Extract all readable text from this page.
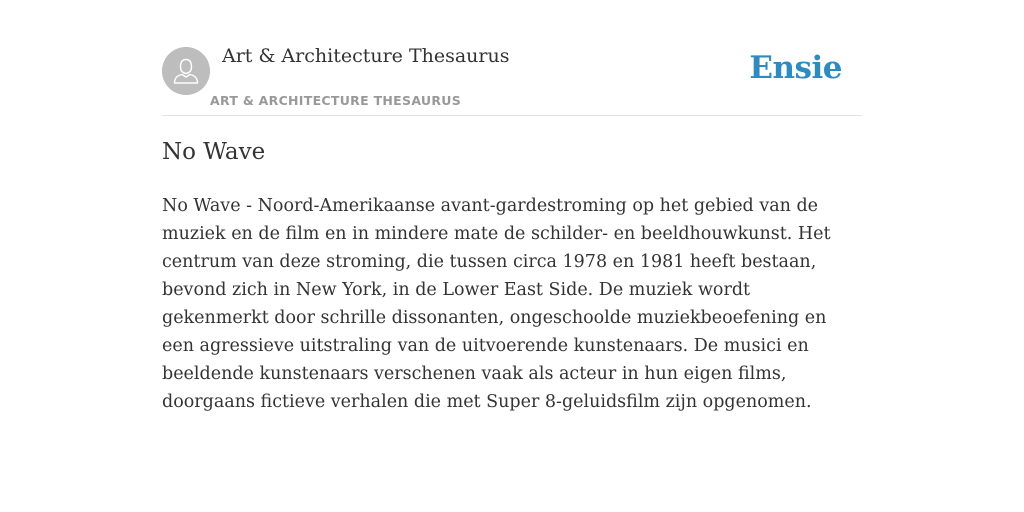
Art & Architecture Thesaurus
ART & ARCHITECTURE THESAURUS
Ensie
No Wave

No Wave - Noord-Amerikaanse avant-gardestroming op het gebied van de muziek en de film en in mindere mate de schilder- en beeldhouwkunst. Het centrum van deze stroming, die tussen circa 1978 en 1981 heeft bestaan, bevond zich in New York, in de Lower East Side. De muziek wordt gekenmerkt door schrille dissonanten, ongeschoolde muziekbeoefening en een agressieve uitstraling van de uitvoerende kunstenaars. De musici en beeldende kunstenaars verschenen vaak als acteur in hun eigen films, doorgaans fictieve verhalen die met Super 8-geluidsfilm zijn opgenomen.
